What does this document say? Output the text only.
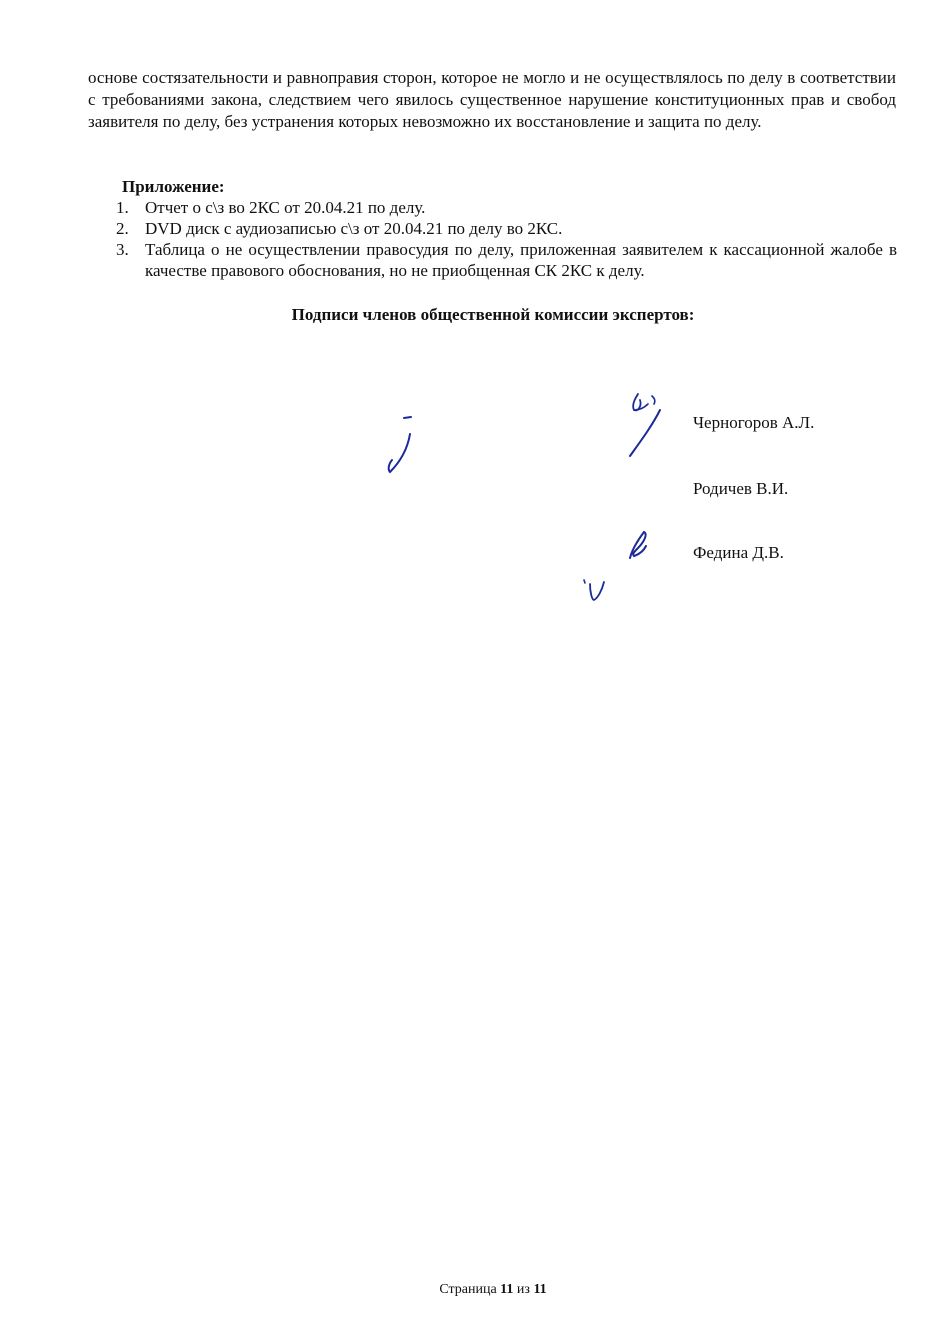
основе состязательности и равноправия сторон, которое не могло и не осуществлялось по делу в соответствии с требованиями закона, следствием чего явилось существенное нарушение конституционных прав и свобод заявителя по делу, без устранения которых невозможно их восстановление и защита по делу.

Приложение:

1. Отчет о с\з во 2КС от 20.04.21 по делу.
2. DVD диск с аудиозаписью с\з от 20.04.21 по делу во 2КС.
3. Таблица о не осуществлении правосудия по делу, приложенная заявителем к кассационной жалобе в качестве правового обоснования, но не приобщенная СК 2КС к делу.

Подписи членов общественной комиссии экспертов:

Черногоров А.Л.
Родичев В.И.
Федина Д.В.
Страница 11 из 11
